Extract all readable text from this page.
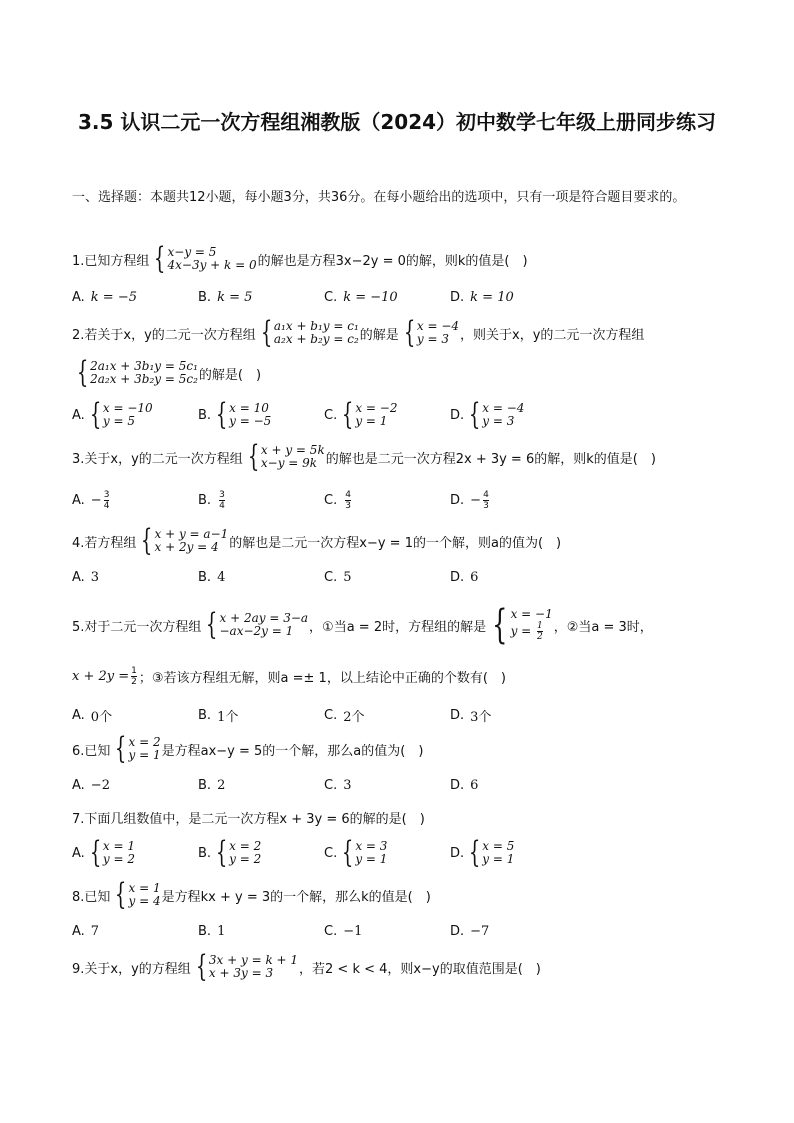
3.5 认识二元一次方程组湘教版（2024）初中数学七年级上册同步练习
一、选择题：本题共12小题，每小题3分，共36分。在每小题给出的选项中，只有一项是符合题目要求的。
1.已知方程组 { x−y = 5
4x−3y + k = 0 的解也是方程3x−2y = 0的解，则k的值是(　)
A. k = −5	B. k = 5	C. k = −10	D. k = 10
2.若关于x，y的二元一次方程组 { a₁x + b₁y = c₁
a₂x + b₂y = c₂ 的解是 { x = −4
y = 3 ，则关于x，y的二元一次方程组
{ 2a₁x + 3b₁y = 5c₁
2a₂x + 3b₂y = 5c₂ 的解是(　)
A. { x = −10
y = 5	B. { x = 10
y = −5	C. { x = −2
y = 1	D. { x = −4
y = 3
3.关于x，y的二元一次方程组 { x + y = 5k
x−y = 9k 的解也是二元一次方程2x + 3y = 6的解，则k的值是(　)
A. − $\frac{3}{4}$	B. $\frac{3}{4}$	C. $\frac{4}{3}$	D. − $\frac{4}{3}$
4.若方程组 { x + y = a−1
x + 2y = 4 的解也是二元一次方程x−y = 1的一个解，则a的值为(　)
A. 3	B. 4	C. 5	D. 6
5.对于二元一次方程组 { x + 2ay = 3−a
−ax−2y = 1	，①当a = 2时，方程组的解是 { x = −1
$y = \frac{1}{2}$ ，②当a = 3时，
$x + 2y = \frac{1}{2}$ ；③若该方程组无解，则a =± 1，以上结论中正确的个数有(　)
A. 0个	B. 1个	C. 2个	D. 3个
6.已知 { x = 2
y = 1 是方程ax−y = 5的一个解，那么a的值为(　)
A. −2	B. 2	C. 3	D. 6
7.下面几组数值中，是二元一次方程x + 3y = 6的解的是(　)
A. { x = 1
y = 2	B. { x = 2
y = 2	C. { x = 3
y = 1	D. { x = 5
y = 1
8.已知 { x = 1
y = 4 是方程kx + y = 3的一个解，那么k的值是(　)
A. 7	B. 1	C. −1	D. −7
9.关于x，y的方程组 { 3x + y = k + 1
x + 3y = 3	，若2 < k < 4，则x−y的取值范围是(　)
